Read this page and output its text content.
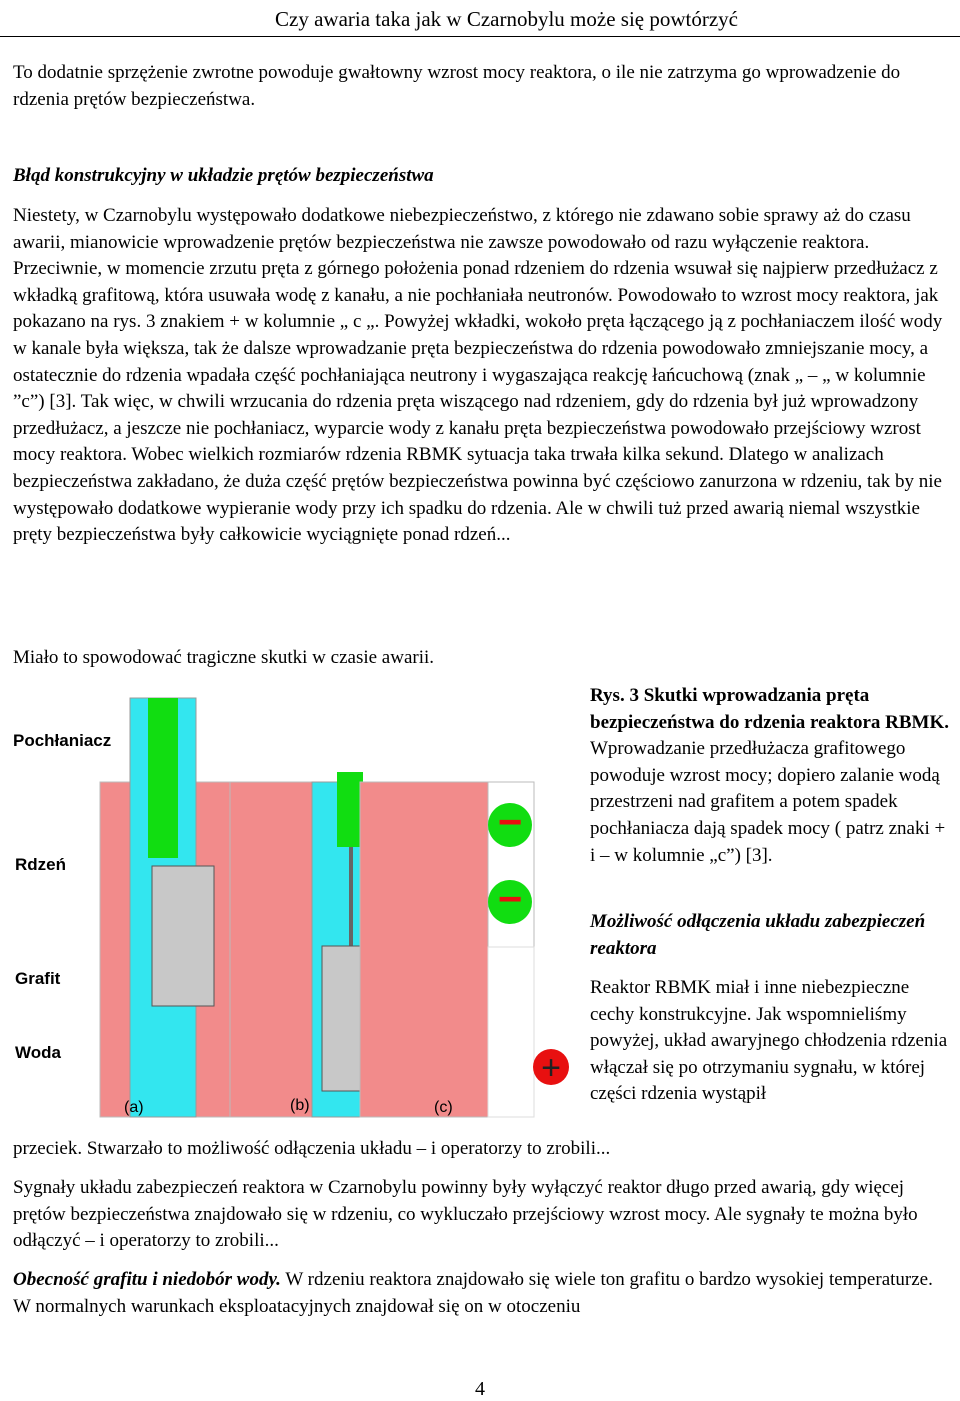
Czy awaria taka jak w Czarnobylu może się powtórzyć

To dodatnie sprzężenie zwrotne powoduje gwałtowny wzrost mocy reaktora, o ile nie zatrzyma go wprowadzenie do rdzenia prętów bezpieczeństwa.

Błąd konstrukcyjny w układzie prętów bezpieczeństwa

Niestety, w Czarnobylu występowało dodatkowe niebezpieczeństwo, z którego nie zdawano sobie sprawy aż do czasu awarii, mianowicie wprowadzenie prętów bezpieczeństwa nie zawsze powodowało od razu wyłączenie reaktora. Przeciwnie, w momencie zrzutu pręta z górnego położenia ponad rdzeniem do rdzenia wsuwał się najpierw przedłużacz z wkładką grafitową, która usuwała wodę z kanału, a nie pochłaniała neutronów. Powodowało to wzrost mocy reaktora, jak pokazano na rys. 3 znakiem + w kolumnie „ c „. Powyżej wkładki, wokoło pręta łączącego ją z pochłaniaczem ilość wody w kanale była większa, tak że dalsze wprowadzanie pręta bezpieczeństwa do rdzenia powodowało zmniejszanie mocy, a ostatecznie do rdzenia wpadała część pochłaniająca neutrony i wygaszająca reakcję łańcuchową (znak „ – „ w kolumnie ”c”) [3]. Tak więc, w chwili wrzucania do rdzenia pręta wiszącego nad rdzeniem, gdy do rdzenia był już wprowadzony przedłużacz, a jeszcze nie pochłaniacz, wyparcie wody z kanału pręta bezpieczeństwa powodowało przejściowy wzrost mocy reaktora. Wobec wielkich rozmiarów rdzenia RBMK sytuacja taka trwała kilka sekund. Dlatego w analizach bezpieczeństwa zakładano, że duża część prętów bezpieczeństwa powinna być częściowo zanurzona w rdzeniu, tak by nie występowało dodatkowe wypieranie wody przy ich spadku do rdzenia. Ale w chwili tuż przed awarią niemal wszystkie pręty bezpieczeństwa były całkowicie wyciągnięte ponad rdzeń...

Miało to spowodować tragiczne skutki w czasie awarii.

−
−
+
Pochłaniacz
Rdzeń
Grafit
Woda
(a)	(b)	(c)

Rys. 3 Skutki wprowadzania pręta bezpieczeństwa do rdzenia reaktora RBMK. Wprowadzanie przedłużacza grafitowego powoduje wzrost mocy; dopiero zalanie wodą przestrzeni nad grafitem a potem spadek pochłaniacza dają spadek mocy ( patrz znaki + i – w kolumnie „c”) [3].

Możliwość odłączenia układu zabezpieczeń reaktora

Reaktor RBMK miał i inne niebezpieczne cechy konstrukcyjne. Jak wspomnieliśmy powyżej, układ awaryjnego chłodzenia rdzenia włączał się po otrzymaniu sygnału, w której części rdzenia wystąpił

przeciek. Stwarzało to możliwość odłączenia układu – i operatorzy to zrobili...

Sygnały układu zabezpieczeń reaktora w Czarnobylu powinny były wyłączyć reaktor długo przed awarią, gdy więcej prętów bezpieczeństwa znajdowało się w rdzeniu, co wykluczało przejściowy wzrost mocy. Ale sygnały te można było odłączyć – i operatorzy to zrobili...

Obecność grafitu i niedobór wody. W rdzeniu reaktora znajdowało się wiele ton grafitu o bardzo wysokiej temperaturze. W normalnych warunkach eksploatacyjnych znajdował się on w otoczeniu

4
